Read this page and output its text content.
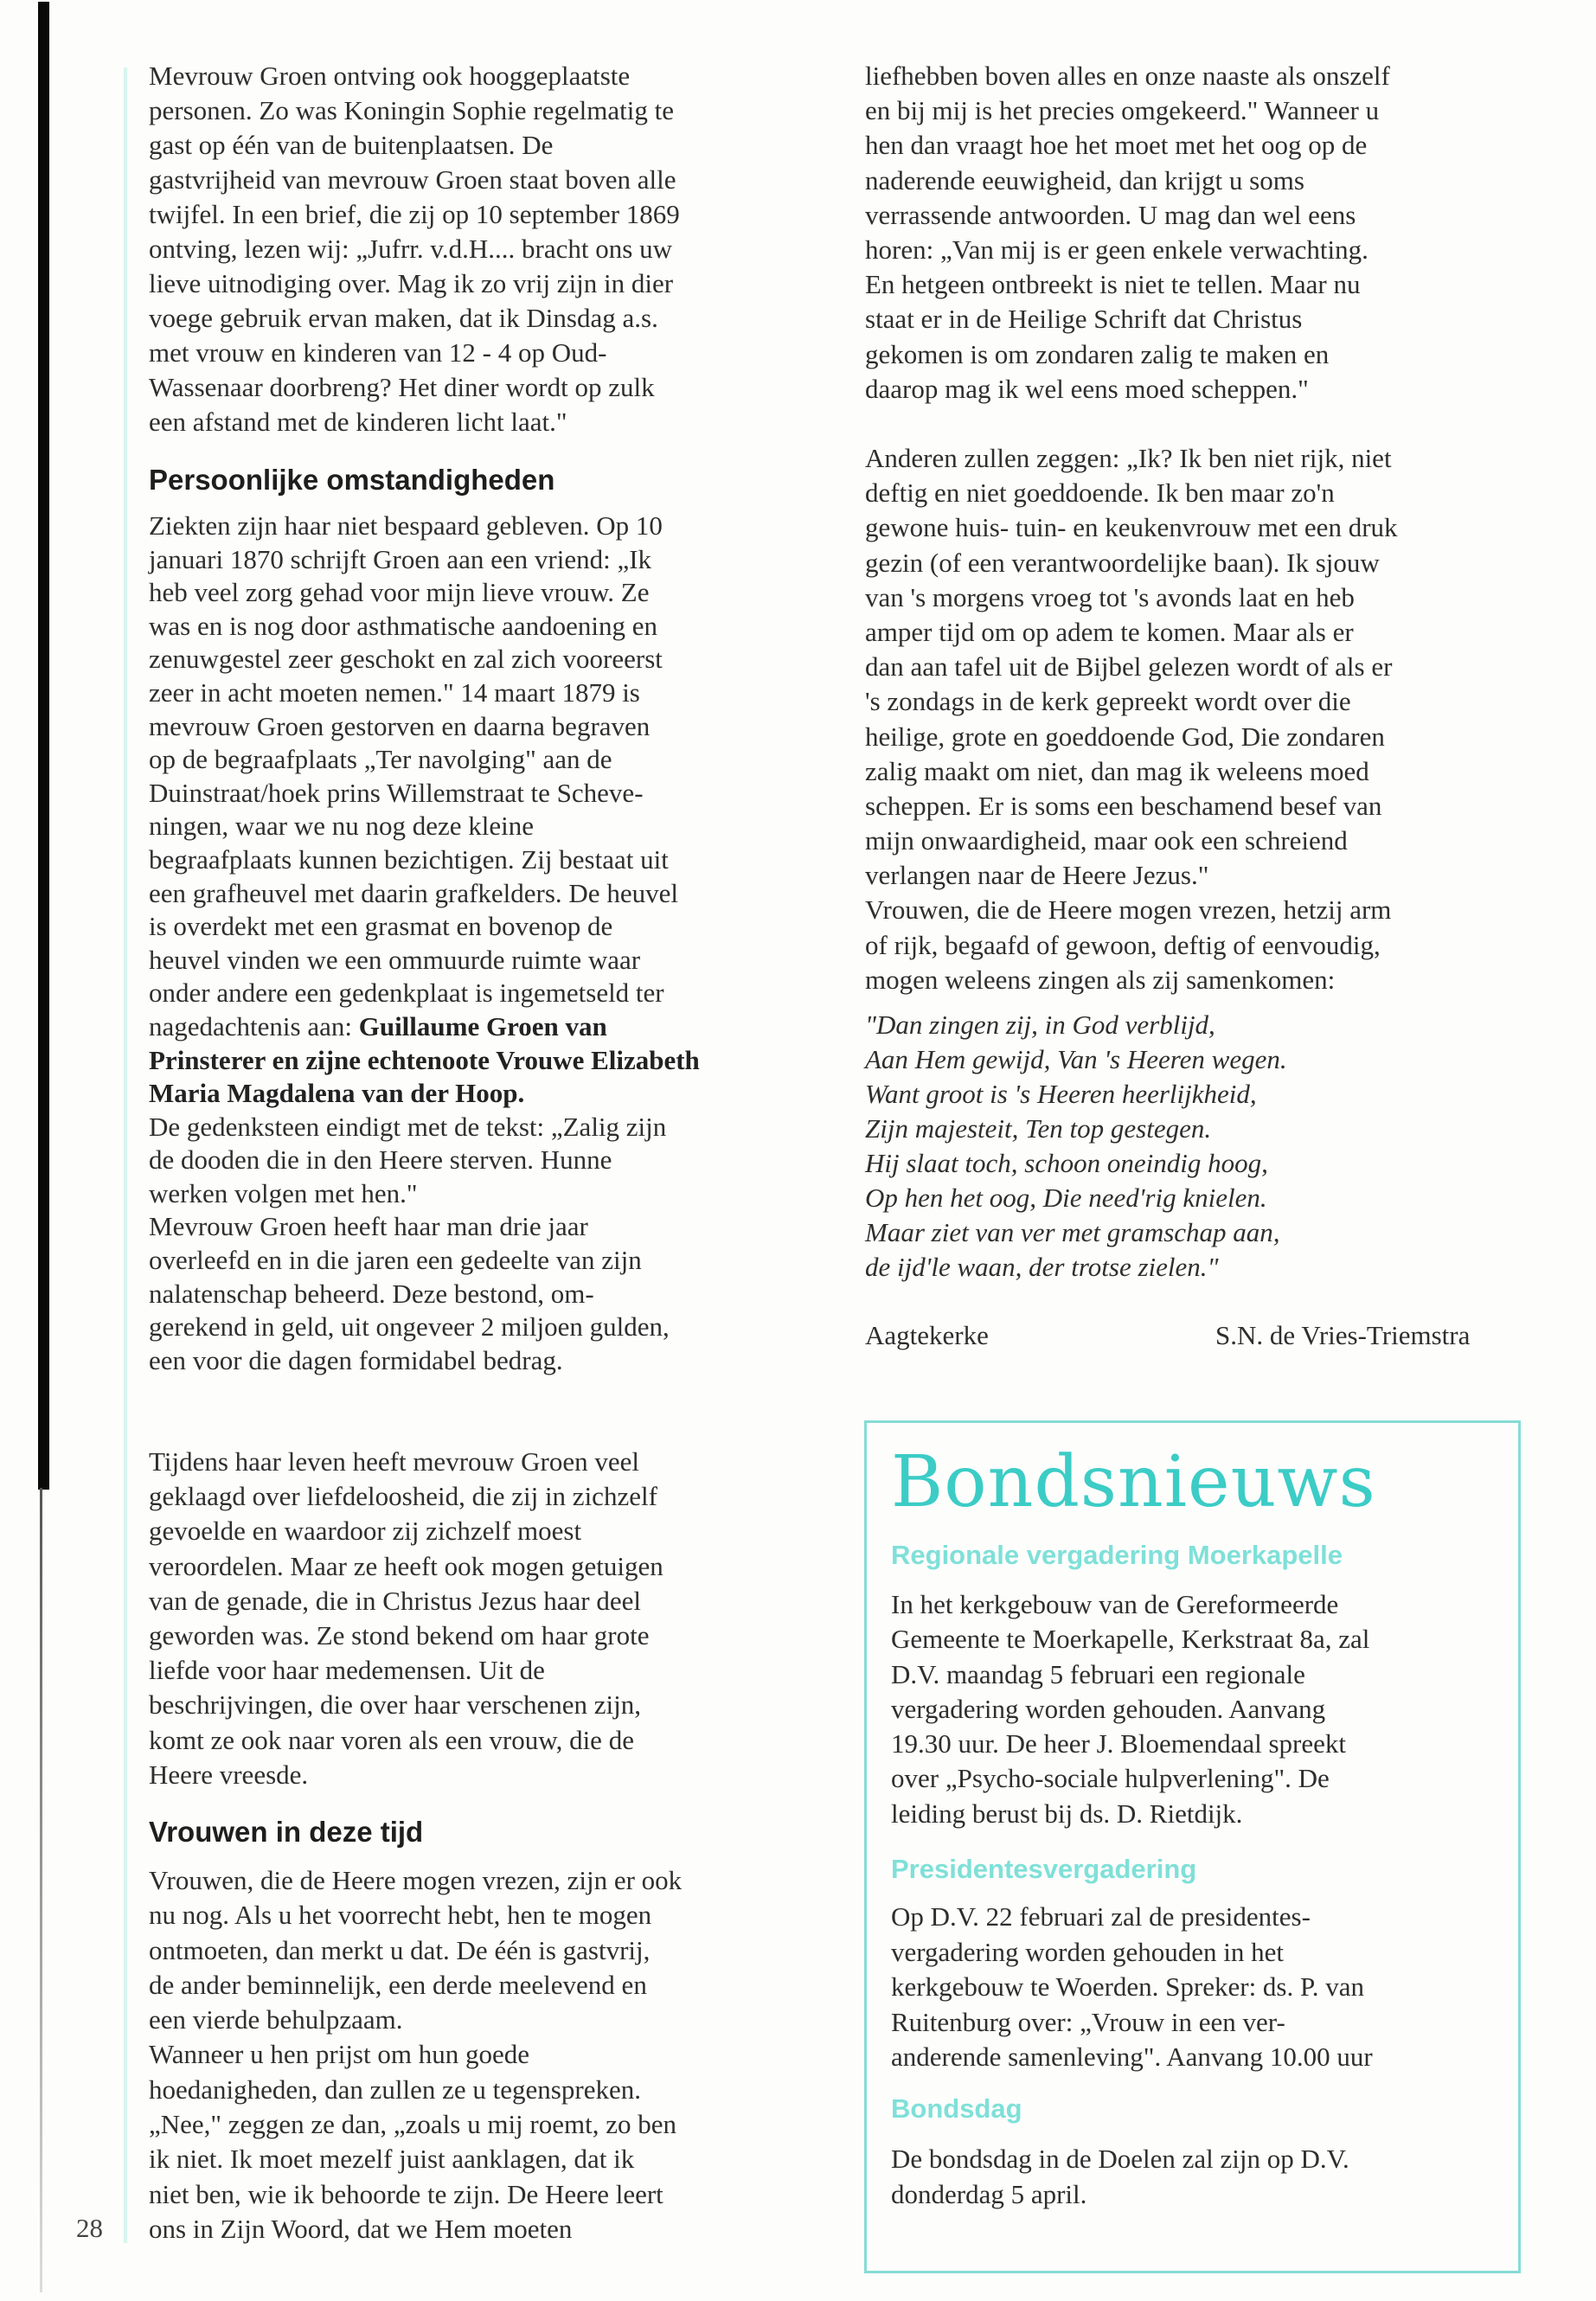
Mevrouw Groen ontving ook hooggeplaatste
personen. Zo was Koningin Sophie regelmatig te
gast op één van de buitenplaatsen. De
gastvrijheid van mevrouw Groen staat boven alle
twijfel. In een brief, die zij op 10 september 1869
ontving, lezen wij: „Jufrr. v.d.H.... bracht ons uw
lieve uitnodiging over. Mag ik zo vrij zijn in dier
voege gebruik ervan maken, dat ik Dinsdag a.s.
met vrouw en kinderen van 12 - 4 op Oud-
Wassenaar doorbreng? Het diner wordt op zulk
een afstand met de kinderen licht laat."
Persoonlijke omstandigheden
Ziekten zijn haar niet bespaard gebleven. Op 10
januari 1870 schrijft Groen aan een vriend: „Ik
heb veel zorg gehad voor mijn lieve vrouw. Ze
was en is nog door asthmatische aandoening en
zenuwgestel zeer geschokt en zal zich vooreerst
zeer in acht moeten nemen." 14 maart 1879 is
mevrouw Groen gestorven en daarna begraven
op de begraafplaats „Ter navolging" aan de
Duinstraat/hoek prins Willemstraat te Scheve-
ningen, waar we nu nog deze kleine
begraafplaats kunnen bezichtigen. Zij bestaat uit
een grafheuvel met daarin grafkelders. De heuvel
is overdekt met een grasmat en bovenop de
heuvel vinden we een ommuurde ruimte waar
onder andere een gedenkplaat is ingemetseld ter
nagedachtenis aan: Guillaume Groen van
Prinsterer en zijne echtenoote Vrouwe Elizabeth
Maria Magdalena van der Hoop.
De gedenksteen eindigt met de tekst: „Zalig zijn
de dooden die in den Heere sterven. Hunne
werken volgen met hen."
Mevrouw Groen heeft haar man drie jaar
overleefd en in die jaren een gedeelte van zijn
nalatenschap beheerd. Deze bestond, om-
gerekend in geld, uit ongeveer 2 miljoen gulden,
een voor die dagen formidabel bedrag.
Tijdens haar leven heeft mevrouw Groen veel
geklaagd over liefdeloosheid, die zij in zichzelf
gevoelde en waardoor zij zichzelf moest
veroordelen. Maar ze heeft ook mogen getuigen
van de genade, die in Christus Jezus haar deel
geworden was. Ze stond bekend om haar grote
liefde voor haar medemensen. Uit de
beschrijvingen, die over haar verschenen zijn,
komt ze ook naar voren als een vrouw, die de
Heere vreesde.
Vrouwen in deze tijd
Vrouwen, die de Heere mogen vrezen, zijn er ook
nu nog. Als u het voorrecht hebt, hen te mogen
ontmoeten, dan merkt u dat. De één is gastvrij,
de ander beminnelijk, een derde meelevend en
een vierde behulpzaam.
Wanneer u hen prijst om hun goede
hoedanigheden, dan zullen ze u tegenspreken.
„Nee," zeggen ze dan, „zoals u mij roemt, zo ben
ik niet. Ik moet mezelf juist aanklagen, dat ik
niet ben, wie ik behoorde te zijn. De Heere leert
ons in Zijn Woord, dat we Hem moeten
28
liefhebben boven alles en onze naaste als onszelf
en bij mij is het precies omgekeerd." Wanneer u
hen dan vraagt hoe het moet met het oog op de
naderende eeuwigheid, dan krijgt u soms
verrassende antwoorden. U mag dan wel eens
horen: „Van mij is er geen enkele verwachting.
En hetgeen ontbreekt is niet te tellen. Maar nu
staat er in de Heilige Schrift dat Christus
gekomen is om zondaren zalig te maken en
daarop mag ik wel eens moed scheppen."
Anderen zullen zeggen: „Ik? Ik ben niet rijk, niet
deftig en niet goeddoende. Ik ben maar zo'n
gewone huis- tuin- en keukenvrouw met een druk
gezin (of een verantwoordelijke baan). Ik sjouw
van 's morgens vroeg tot 's avonds laat en heb
amper tijd om op adem te komen. Maar als er
dan aan tafel uit de Bijbel gelezen wordt of als er
's zondags in de kerk gepreekt wordt over die
heilige, grote en goeddoende God, Die zondaren
zalig maakt om niet, dan mag ik weleens moed
scheppen. Er is soms een beschamend besef van
mijn onwaardigheid, maar ook een schreiend
verlangen naar de Heere Jezus."
Vrouwen, die de Heere mogen vrezen, hetzij arm
of rijk, begaafd of gewoon, deftig of eenvoudig,
mogen weleens zingen als zij samenkomen:
"Dan zingen zij, in God verblijd,
Aan Hem gewijd, Van 's Heeren wegen.
Want groot is 's Heeren heerlijkheid,
Zijn majesteit, Ten top gestegen.
Hij slaat toch, schoon oneindig hoog,
Op hen het oog, Die need'rig knielen.
Maar ziet van ver met gramschap aan,
de ijd'le waan, der trotse zielen."
Aagtekerke	S.N. de Vries-Triemstra
Bondsnieuws
Regionale vergadering Moerkapelle
In het kerkgebouw van de Gereformeerde
Gemeente te Moerkapelle, Kerkstraat 8a, zal
D.V. maandag 5 februari een regionale
vergadering worden gehouden. Aanvang
19.30 uur. De heer J. Bloemendaal spreekt
over „Psycho-sociale hulpverlening". De
leiding berust bij ds. D. Rietdijk.
Presidentesvergadering
Op D.V. 22 februari zal de presidentes-
vergadering worden gehouden in het
kerkgebouw te Woerden. Spreker: ds. P. van
Ruitenburg over: „Vrouw in een ver-
anderende samenleving". Aanvang 10.00 uur
Bondsdag
De bondsdag in de Doelen zal zijn op D.V.
donderdag 5 april.
